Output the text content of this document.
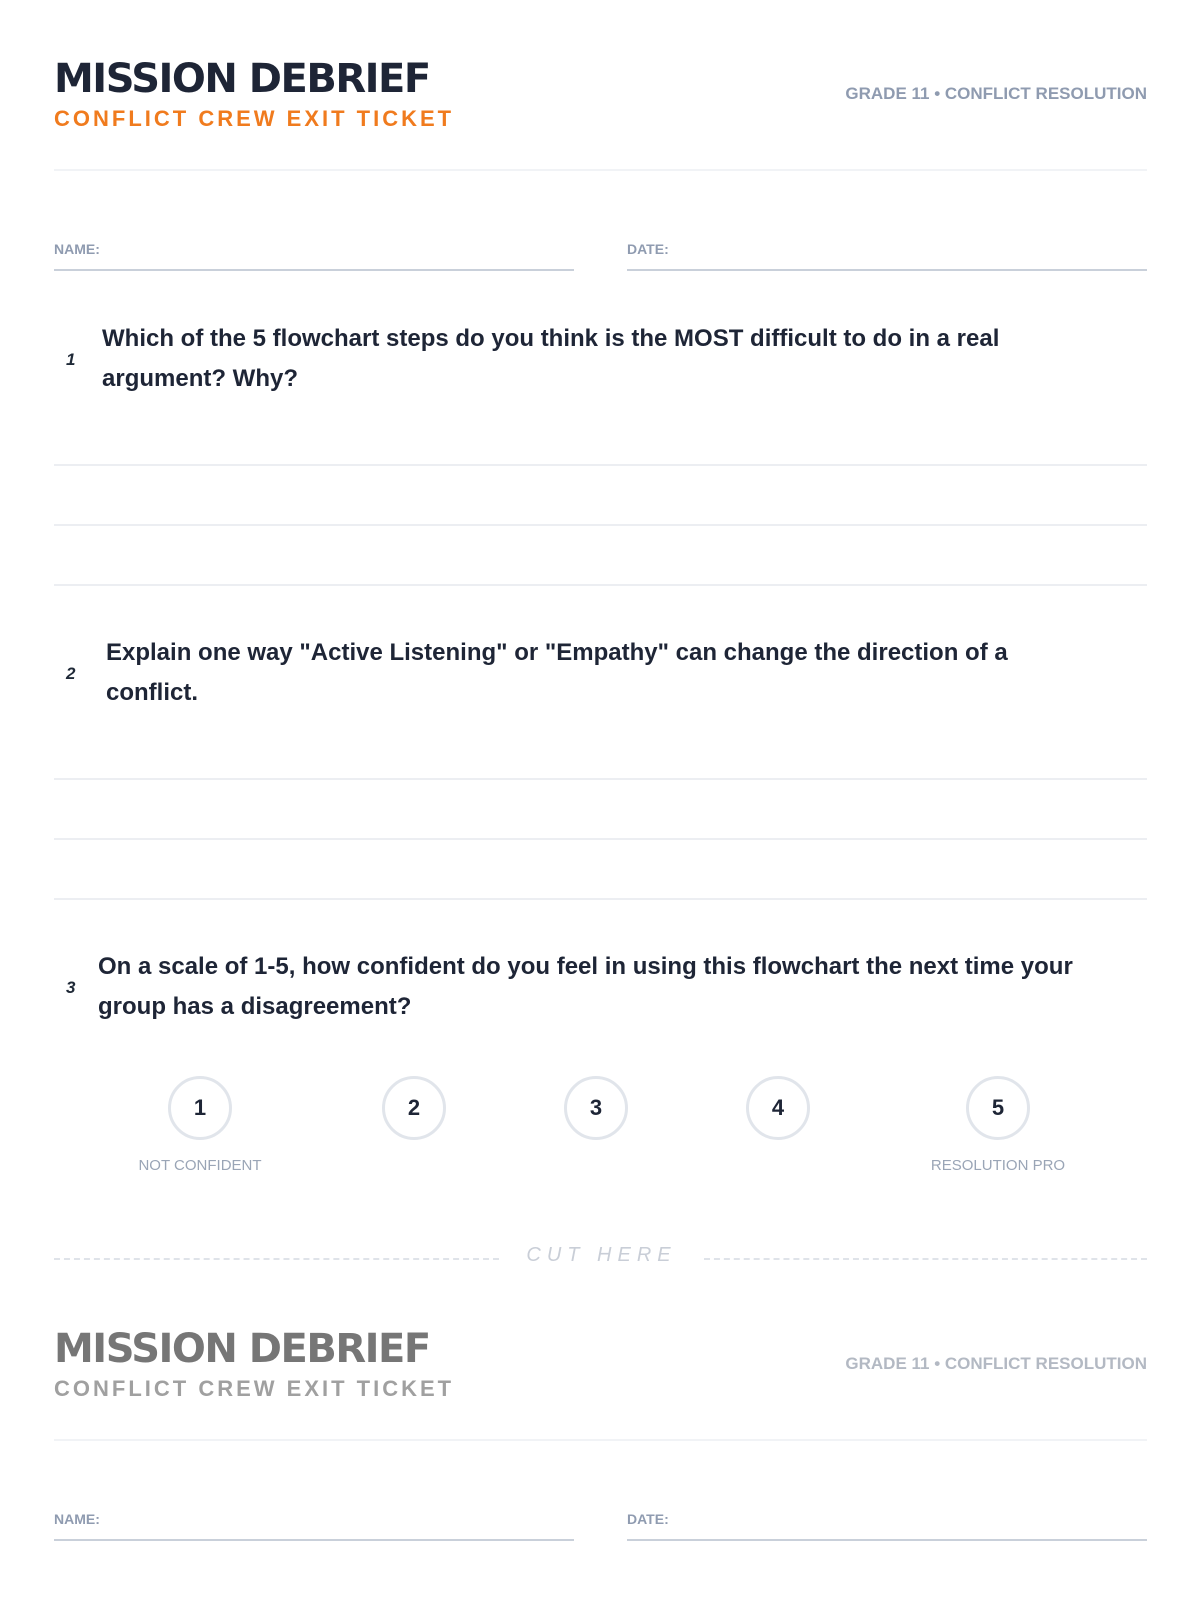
MISSION DEBRIEF
CONFLICT CREW EXIT TICKET
GRADE 11 • CONFLICT RESOLUTION
NAME:	DATE:
1
Which of the 5 flowchart steps do you think is the MOST difficult to do in a real argument? Why?
2
Explain one way "Active Listening" or "Empathy" can change the direction of a conflict.
3
On a scale of 1-5, how confident do you feel in using this flowchart the next time your group has a disagreement?
1	2	3	4	5
NOT CONFIDENT	RESOLUTION PRO
CUT HERE
MISSION DEBRIEF
CONFLICT CREW EXIT TICKET
GRADE 11 • CONFLICT RESOLUTION
NAME:	DATE:
